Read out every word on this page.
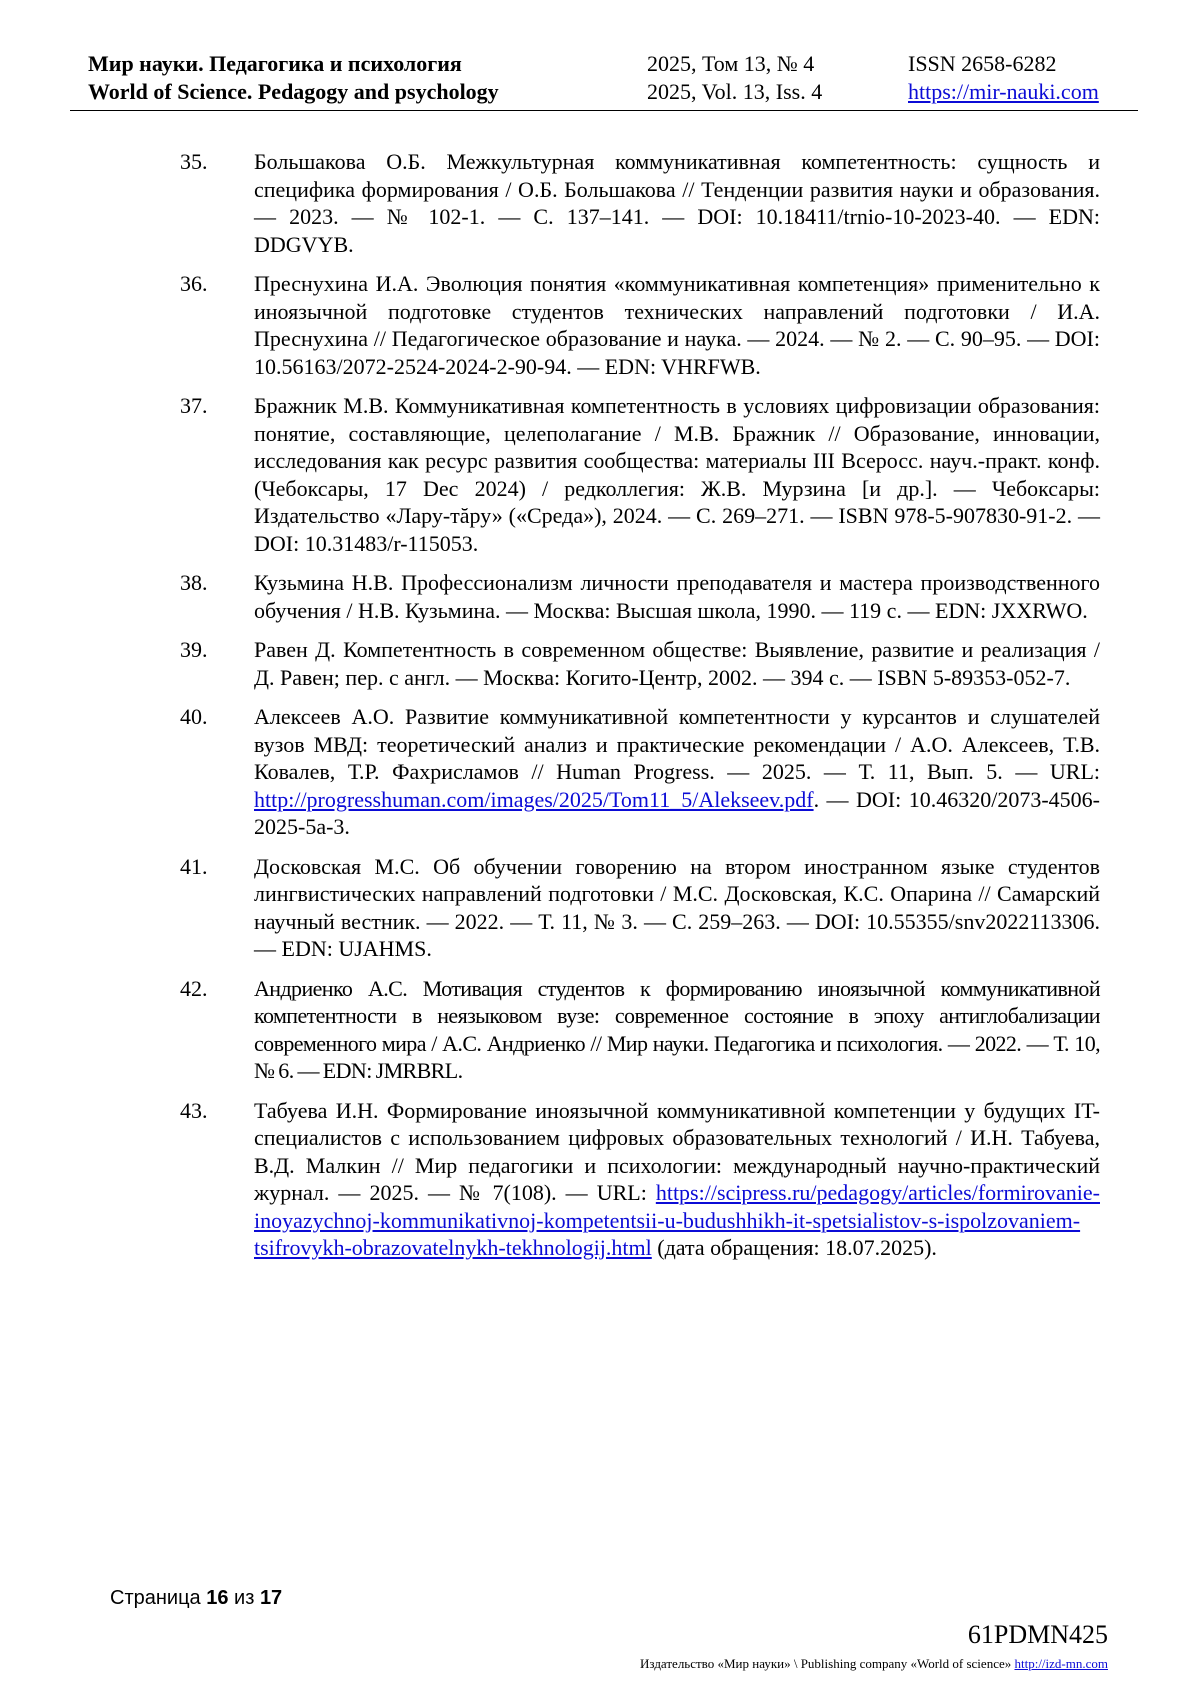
Мир науки. Педагогика и психология	2025, Том 13, № 4	ISSN 2658-6282
World of Science. Pedagogy and psychology	2025, Vol. 13, Iss. 4	https://mir-nauki.com
35. Большакова О.Б. Межкультурная коммуникативная компетентность: сущность и специфика формирования / О.Б. Большакова // Тенденции развития науки и образования. — 2023. — № 102-1. — С. 137–141. — DOI: 10.18411/trnio-10-2023-40. — EDN: DDGVYB.
36. Преснухина И.А. Эволюция понятия «коммуникативная компетенция» применительно к иноязычной подготовке студентов технических направлений подготовки / И.А. Преснухина // Педагогическое образование и наука. — 2024. — № 2. — С. 90–95. — DOI: 10.56163/2072-2524-2024-2-90-94. — EDN: VHRFWB.
37. Бражник М.В. Коммуникативная компетентность в условиях цифровизации образования: понятие, составляющие, целеполагание / М.В. Бражник // Образование, инновации, исследования как ресурс развития сообщества: материалы III Всеросс. науч.-практ. конф. (Чебоксары, 17 Dec 2024) / редколлегия: Ж.В. Мурзина [и др.]. — Чебоксары: Издательство «Лару-тăру» («Среда»), 2024. — С. 269–271. — ISBN 978-5-907830-91-2. — DOI: 10.31483/r-115053.
38. Кузьмина Н.В. Профессионализм личности преподавателя и мастера производственного обучения / Н.В. Кузьмина. — Москва: Высшая школа, 1990. — 119 с. — EDN: JXXRWO.
39. Равен Д. Компетентность в современном обществе: Выявление, развитие и реализация / Д. Равен; пер. с англ. — Москва: Когито-Центр, 2002. — 394 с. — ISBN 5-89353-052-7.
40. Алексеев А.О. Развитие коммуникативной компетентности у курсантов и слушателей вузов МВД: теоретический анализ и практические рекомендации / А.О. Алексеев, Т.В. Ковалев, Т.Р. Фахрисламов // Human Progress. — 2025. — Т. 11, Вып. 5. — URL: http://progresshuman.com/images/2025/Tom11_5/Alekseev.pdf. — DOI: 10.46320/2073-4506-2025-5a-3.
41. Досковская М.С. Об обучении говорению на втором иностранном языке студентов лингвистических направлений подготовки / М.С. Досковская, К.С. Опарина // Самарский научный вестник. — 2022. — Т. 11, № 3. — С. 259–263. — DOI: 10.55355/snv2022113306. — EDN: UJAHMS.
42. Андриенко А.С. Мотивация студентов к формированию иноязычной коммуникативной компетентности в неязыковом вузе: современное состояние в эпоху антиглобализации современного мира / А.С. Андриенко // Мир науки. Педагогика и психология. — 2022. — Т. 10, № 6. — EDN: JMRBRL.
43. Табуева И.Н. Формирование иноязычной коммуникативной компетенции у будущих IT-специалистов с использованием цифровых образовательных технологий / И.Н. Табуева, В.Д. Малкин // Мир педагогики и психологии: международный научно-практический журнал. — 2025. — № 7(108). — URL: https://scipress.ru/pedagogy/articles/formirovanie-inoyazychnoj-kommunikativnoj-kompetentsii-u-budushhikh-it-spetsialistov-s-ispolzovaniem-tsifrovykh-obrazovatelnykh-tekhnologij.html (дата обращения: 18.07.2025).
Страница 16 из 17
61PDMN425
Издательство «Мир науки» \ Publishing company «World of science» http://izd-mn.com
